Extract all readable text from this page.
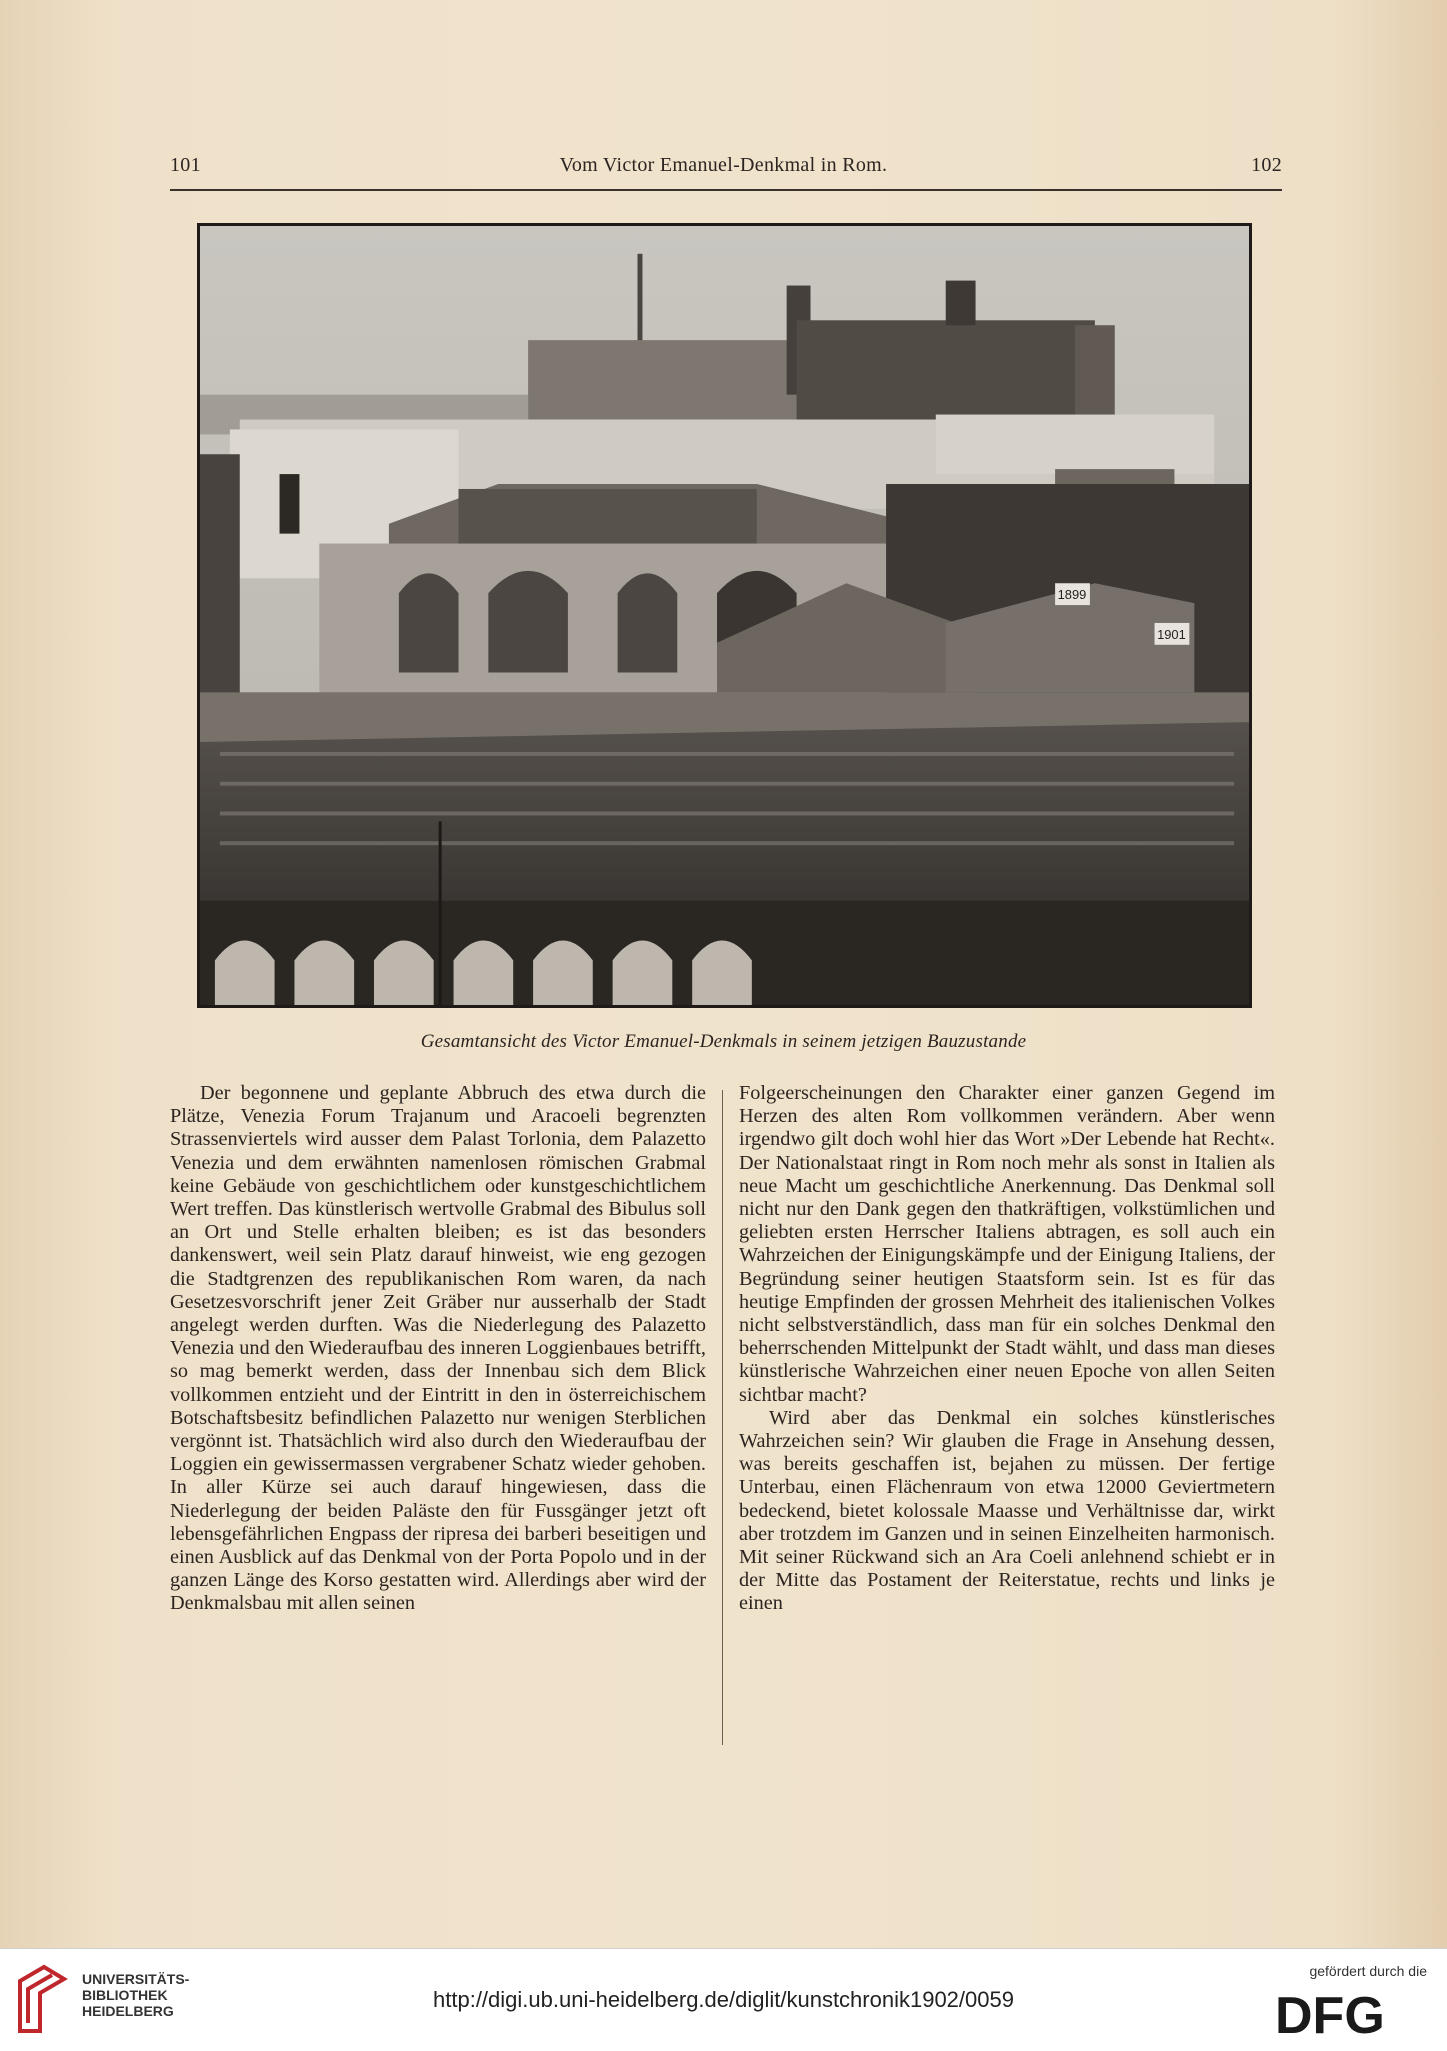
101	Vom Victor Emanuel-Denkmal in Rom.	102
1899
1901
Gesamtansicht des Victor Emanuel-Denkmals in seinem jetzigen Bauzustande

Der begonnene und geplante Abbruch des etwa durch die Plätze, Venezia Forum Trajanum und Aracoeli begrenzten Strassenviertels wird ausser dem Palast Torlonia, dem Palazetto Venezia und dem erwähnten namenlosen römischen Grabmal keine Gebäude von geschichtlichem oder kunstgeschichtlichem Wert treffen. Das künstlerisch wertvolle Grabmal des Bibulus soll an Ort und Stelle erhalten bleiben; es ist das besonders dankenswert, weil sein Platz darauf hinweist, wie eng gezogen die Stadtgrenzen des republikanischen Rom waren, da nach Gesetzesvorschrift jener Zeit Gräber nur ausserhalb der Stadt angelegt werden durften. Was die Niederlegung des Palazetto Venezia und den Wiederaufbau des inneren Loggienbaues betrifft, so mag bemerkt werden, dass der Innenbau sich dem Blick vollkommen entzieht und der Eintritt in den in österreichischem Botschaftsbesitz befindlichen Palazetto nur wenigen Sterblichen vergönnt ist. Thatsächlich wird also durch den Wiederaufbau der Loggien ein gewissermassen vergrabener Schatz wieder gehoben. In aller Kürze sei auch darauf hingewiesen, dass die Niederlegung der beiden Paläste den für Fussgänger jetzt oft lebensgefährlichen Engpass der ripresa dei barberi beseitigen und einen Ausblick auf das Denkmal von der Porta Popolo und in der ganzen Länge des Korso gestatten wird. Allerdings aber wird der Denkmalsbau mit allen seinen

Folgeerscheinungen den Charakter einer ganzen Gegend im Herzen des alten Rom vollkommen verändern. Aber wenn irgendwo gilt doch wohl hier das Wort »Der Lebende hat Recht«. Der Nationalstaat ringt in Rom noch mehr als sonst in Italien als neue Macht um geschichtliche Anerkennung. Das Denkmal soll nicht nur den Dank gegen den thatkräftigen, volkstümlichen und geliebten ersten Herrscher Italiens abtragen, es soll auch ein Wahrzeichen der Einigungskämpfe und der Einigung Italiens, der Begründung seiner heutigen Staatsform sein. Ist es für das heutige Empfinden der grossen Mehrheit des italienischen Volkes nicht selbstverständlich, dass man für ein solches Denkmal den beherrschenden Mittelpunkt der Stadt wählt, und dass man dieses künstlerische Wahrzeichen einer neuen Epoche von allen Seiten sichtbar macht?

Wird aber das Denkmal ein solches künstlerisches Wahrzeichen sein? Wir glauben die Frage in Ansehung dessen, was bereits geschaffen ist, bejahen zu müssen. Der fertige Unterbau, einen Flächenraum von etwa 12000 Geviertmetern bedeckend, bietet kolossale Maasse und Verhältnisse dar, wirkt aber trotzdem im Ganzen und in seinen Einzelheiten harmonisch. Mit seiner Rückwand sich an Ara Coeli anlehnend schiebt er in der Mitte das Postament der Reiterstatue, rechts und links je einen

UNIVERSITÄTS-
BIBLIOTHEK
HEIDELBERG	http://digi.ub.uni-heidelberg.de/diglit/kunstchronik1902/0059
gefördert durch die
DFG
